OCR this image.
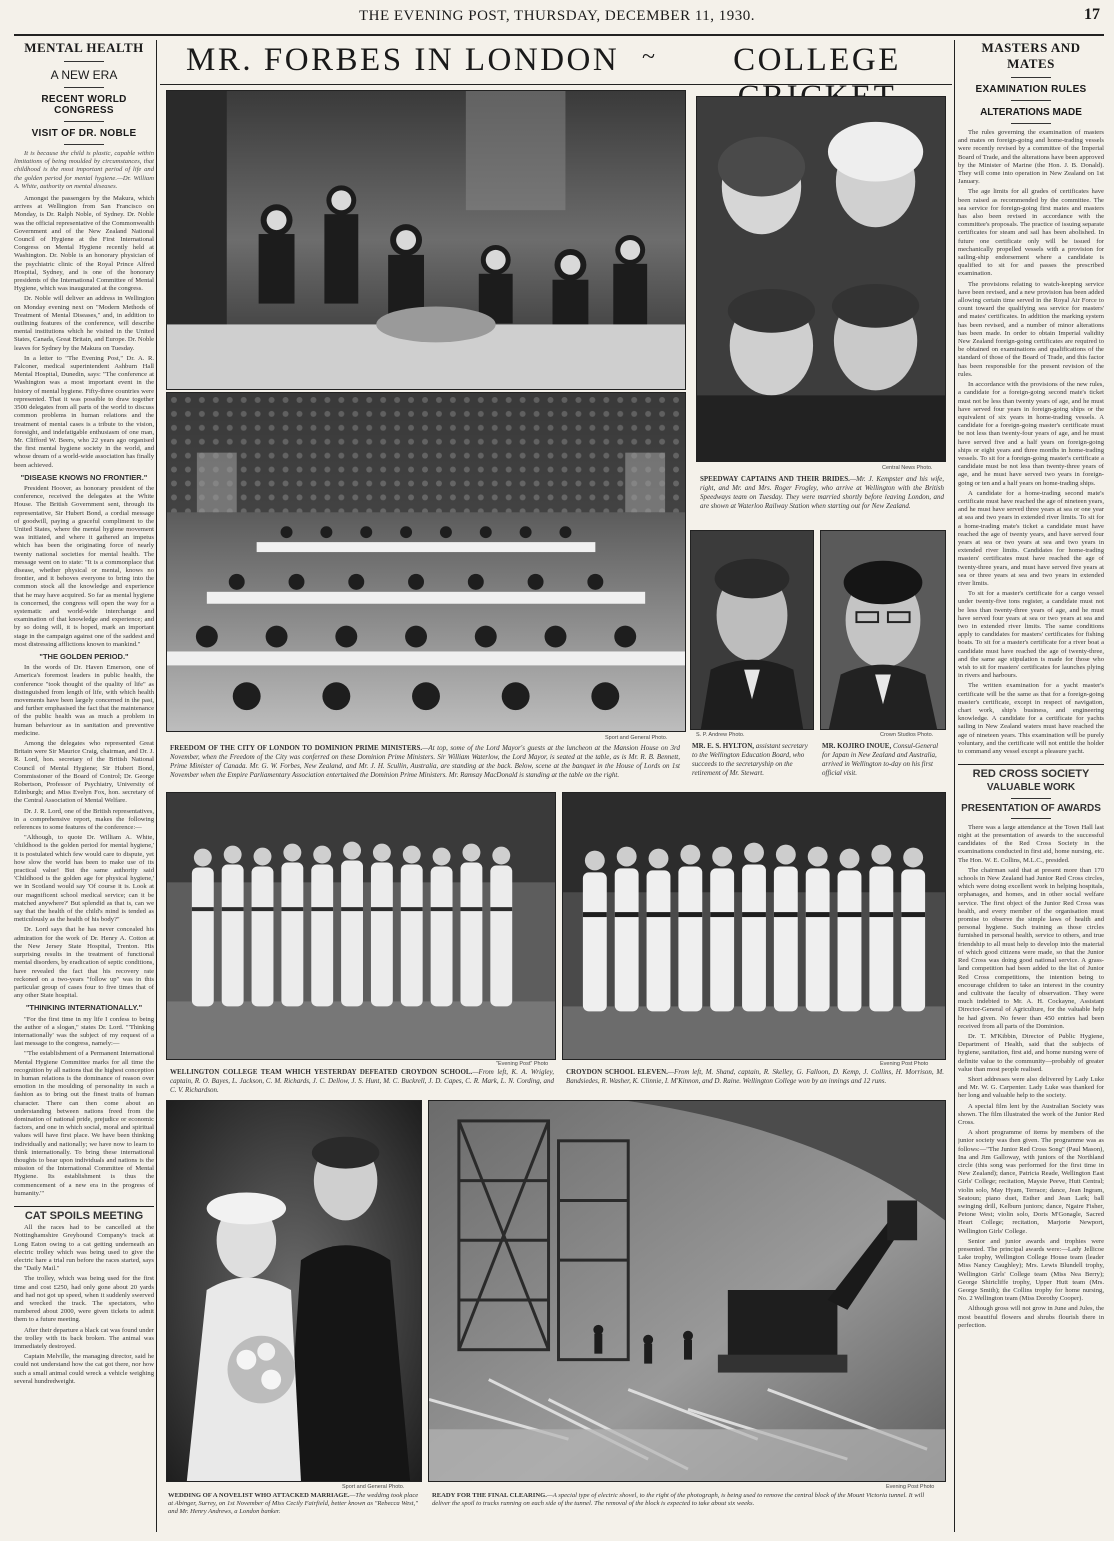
THE EVENING POST, THURSDAY, DECEMBER 11, 1930.	17
MENTAL HEALTH
A NEW ERA
RECENT WORLD CONGRESS
VISIT OF DR. NOBLE
It is because the child is plastic, capable within limitations of being moulded by circumstances, that childhood is the most important period of life and the golden period for mental hygiene.—Dr. William A. White, authority on mental diseases.

Amongst the passengers by the Makura, which arrives at Wellington from San Francisco on Monday, is Dr. Ralph Noble, of Sydney. Dr. Noble was the official representative of the Commonwealth Government and of the New Zealand National Council of Hygiene at the First International Congress on Mental Hygiene recently held at Washington. Dr. Noble is an honorary physician of the psychiatric clinic of the Royal Prince Alfred Hospital, Sydney, and is one of the honorary presidents of the International Committee of Mental Hygiene, which was inaugurated at the congress.

Dr. Noble will deliver an address in Wellington on Monday evening next on "Modern Methods of Treatment of Mental Diseases," and, in addition to outlining features of the conference, will describe mental institutions which he visited in the United States, Canada, Great Britain, and Europe. Dr. Noble leaves for Sydney by the Makura on Tuesday.

In a letter to "The Evening Post," Dr. A. R. Falconer, medical superintendent Ashburn Hall Mental Hospital, Dunedin, says: "The conference at Washington was a most important event in the history of mental hygiene. Fifty-three countries were represented. That it was possible to draw together 3500 delegates from all parts of the world to discuss common problems in human relations and the treatment of mental cases is a tribute to the vision, foresight, and indefatigable enthusiasm of one man, Mr. Clifford W. Beers, who 22 years ago organised the first mental hygiene society in the world, and whose dream of a world-wide association has finally been achieved.

"DISEASE KNOWS NO FRONTIER."

President Hoover, as honorary president of the conference, received the delegates at the White House. The British Government sent, through its representative, Sir Hubert Bond, a cordial message of goodwill, paying a graceful compliment to the United States, where the mental hygiene movement was initiated, and where it gathered an impetus which has been the originating force of nearly twenty national societies for mental health. The message went on to state: "It is a commonplace that disease, whether physical or mental, knows no frontier, and it behoves everyone to bring into the common stock all the knowledge and experience that he may have acquired. So far as mental hygiene is concerned, the congress will open the way for a systematic and world-wide interchange and examination of that knowledge and experience; and by so doing will, it is hoped, mark an important stage in the campaign against one of the saddest and most distressing afflictions known to mankind."

"THE GOLDEN PERIOD."

In the words of Dr. Haven Emerson, one of America's foremost leaders in public health, the conference "took thought of the quality of life" as distinguished from length of life, with which health movements have been largely concerned in the past, and further emphasised the fact that the maintenance of the public health was as much a problem in human behaviour as in sanitation and preventive medicine.

Among the delegates who represented Great Britain were Sir Maurice Craig, chairman, and Dr. J. R. Lord, hon. secretary of the British National Council of Mental Hygiene; Sir Hubert Bond, Commissioner of the Board of Control; Dr. George Robertson, Professor of Psychiatry, University of Edinburgh; and Miss Evelyn Fox, hon. secretary of the Central Association of Mental Welfare.

Dr. J. R. Lord, one of the British representatives, in a comprehensive report, makes the following references to some features of the conference:—

"Although, to quote Dr. William A. White, 'childhood is the golden period for mental hygiene,' it is postulated which few would care to dispute, yet how slow the world has been to make use of its practical value! But the same authority said 'Childhood is the golden age for physical hygiene,' we in Scotland would say 'Of course it is. Look at our magnificent school medical service; can it be matched anywhere?' But splendid as that is, can we say that the health of the child's mind is tended as meticulously as the health of his body?"

Dr. Lord says that he has never concealed his admiration for the work of Dr. Henry A. Cotton at the New Jersey State Hospital, Trenton. His surprising results in the treatment of functional mental disorders, by eradication of septic conditions, have revealed the fact that his recovery rate reckoned on a two-years "follow up" was in this particular group of cases four to five times that of any other State hospital.

"THINKING INTERNATIONALLY."

"For the first time in my life I confess to being the author of a slogan," states Dr. Lord. "'Thinking internationally' was the subject of my request of a last message to the congress, namely:—

"'The establishment of a Permanent International Mental Hygiene Committee marks for all time the recognition by all nations that the highest conception in human relations is the dominance of reason over emotion in the moulding of personality in such a fashion as to bring out the finest traits of human character. There can then come about an understanding between nations freed from the domination of national pride, prejudice or economic factors, and one in which social, moral and spiritual values will have first place. We have been thinking individually and nationally; we have now to learn to think internationally. To bring these international thoughts to bear upon individuals and nations is the mission of the International Committee of Mental Hygiene. Its establishment is thus the commencement of a new era in the progress of humanity.'"

CAT SPOILS MEETING

All the races had to be cancelled at the Nottinghamshire Greyhound Company's track at Long Eaton owing to a cat getting underneath an electric trolley which was being used to give the electric hare a trial run before the races started, says the "Daily Mail."

The trolley, which was being used for the first time and cost £250, had only gone about 20 yards and had not got up speed, when it suddenly swerved and wrecked the track. The spectators, who numbered about 2000, were given tickets to admit them to a future meeting.

After their departure a black cat was found under the trolley with its back broken. The animal was immediately destroyed.

Captain Melville, the managing director, said he could not understand how the cat got there, nor how such a small animal could wreck a vehicle weighing several hundredweight.

MASTERS AND MATES
EXAMINATION RULES
ALTERATIONS MADE

The rules governing the examination of masters and mates on foreign-going and home-trading vessels were recently revised by a committee of the Imperial Board of Trade, and the alterations have been approved by the Minister of Marine (the Hon. J. B. Donald). They will come into operation in New Zealand on 1st January.

The age limits for all grades of certificates have been raised as recommended by the committee. The sea service for foreign-going first mates and masters has also been revised in accordance with the committee's proposals. The practice of issuing separate certificates for steam and sail has been abolished. In future one certificate only will be issued for mechanically propelled vessels with a provision for sailing-ship endorsement where a candidate is qualified to sit for and passes the prescribed examination.

The provisions relating to watch-keeping service have been revised, and a new provision has been added allowing certain time served in the Royal Air Force to count toward the qualifying sea service for masters' and mates' certificates. In addition the marking system has been revised, and a number of minor alterations has been made. In order to obtain Imperial validity New Zealand foreign-going certificates are required to be obtained on examinations and qualifications of the standard of those of the Board of Trade, and this factor has been responsible for the present revision of the rules.

In accordance with the provisions of the new rules, a candidate for a foreign-going second mate's ticket must not be less than twenty years of age, and he must have served four years in foreign-going ships or the equivalent of six years in home-trading vessels. A candidate for a foreign-going master's certificate must be not less than twenty-four years of age, and he must have served five and a half years on foreign-going ships or eight years and three months in home-trading vessels. To sit for a foreign-going master's certificate a candidate must be not less than twenty-three years of age, and he must have served two years in foreign-going or ten and a half years on home-trading ships.

A candidate for a home-trading second mate's certificate must have reached the age of nineteen years, and he must have served three years at sea or one year at sea and two years in extended river limits. To sit for a home-trading mate's ticket a candidate must have reached the age of twenty years, and have served four years at sea or two years at sea and two years in extended river limits. Candidates for home-trading masters' certificates must have reached the age of twenty-three years, and must have served five years at sea or three years at sea and two years in extended river limits.

To sit for a master's certificate for a cargo vessel under twenty-five tons register, a candidate must not be less than twenty-three years of age, and he must have served four years at sea or two years at sea and two in extended river limits. The same conditions apply to candidates for masters' certificates for fishing boats. To sit for a master's certificate for a river boat a candidate must have reached the age of twenty-three, and the same age stipulation is made for those who wish to sit for masters' certificates for launches plying in rivers and harbours.

The written examination for a yacht master's certificate will be the same as that for a foreign-going master's certificate, except in respect of navigation, chart work, ship's business, and engineering knowledge. A candidate for a certificate for yachts sailing in New Zealand waters must have reached the age of nineteen years. This examination will be purely voluntary, and the certificate will not entitle the holder to command any vessel except a pleasure yacht.

RED CROSS SOCIETY
VALUABLE WORK
PRESENTATION OF AWARDS

There was a large attendance at the Town Hall last night at the presentation of awards to the successful candidates of the Red Cross Society in the examinations conducted in first aid, home nursing, etc. The Hon. W. E. Collins, M.L.C., presided.

The chairman said that at present more than 170 schools in New Zealand had Junior Red Cross circles, which were doing excellent work in helping hospitals, orphanages, and homes, and in other social welfare service. The first object of the Junior Red Cross was health, and every member of the organisation must promise to observe the simple laws of health and personal hygiene. Such training as those circles furnished in personal health, service to others, and true friendship to all must help to develop into the material of which good citizens were made, so that the Junior Red Cross was doing good national service. A grass-land competition had been added to the list of Junior Red Cross competitions, the intention being to encourage children to take an interest in the country and cultivate the faculty of observation. They were much indebted to Mr. A. H. Cockayne, Assistant Director-General of Agriculture, for the valuable help he had given. No fewer than 450 entries had been received from all parts of the Dominion.

Dr. T. M'Kibbin, Director of Public Hygiene, Department of Health, said that the subjects of hygiene, sanitation, first aid, and home nursing were of definite value to the community—probably of greater value than most people realised.

Short addresses were also delivered by Lady Luke and Mr. W. G. Carpenter. Lady Luke was thanked for her long and valuable help to the society.

A special film lent by the Australian Society was shown. The film illustrated the work of the Junior Red Cross.

A short programme of items by members of the junior society was then given. The programme was as follows:—"The Junior Red Cross Song" (Paul Mason), Ina and Jim Galloway, with juniors of the Northland circle (this song was performed for the first time in New Zealand); dance, Patricia Reade, Wellington East Girls' College; recitation, Maysie Peeve, Hutt Central; violin solo, May Hyam, Terrace; dance, Jean Ingram, Seatoun; piano duet, Esther and Jean Lark; ball swinging drill, Kelburn juniors; dance, Ngaire Fisher, Petone West; violin solo, Doris M'Gonagle, Sacred Heart College; recitation, Marjorie Newport, Wellington Girls' College.

Senior and junior awards and trophies were presented. The principal awards were:—Lady Jellicoe Lake trophy, Wellington College House team (leader Miss Nancy Caughley); Mrs. Lewis Blundell trophy, Wellington Girls' College team (Miss Nea Berry); George Shirtcliffe trophy, Upper Hutt team (Mrs. George Smith); the Collins trophy for home nursing, No. 2 Wellington team (Miss Dorothy Cooper).

Although gross will not grow in June and Jules, the most beautiful flowers and shrubs flourish there in perfection.

MR. FORBES IN LONDON ~	COLLEGE
Sport and General Photo.
FREEDOM OF THE CITY OF LONDON TO DOMINION PRIME MINISTERS.—At top, some of the Lord Mayor's guests at the luncheon at the Mansion House on 3rd November, when the Freedom of the City was conferred on these Dominion Prime Ministers. Sir William Waterlow, the Lord Mayor, is seated at the table, as is Mr. R. B. Bennett, Prime Minister of Canada. Mr. G. W. Forbes, New Zealand, and Mr. J. H. Scullin, Australia, are standing at the back. Below, scene at the banquet in the House of Lords on 1st November when the Empire Parliamentary Association entertained the Dominion Prime Ministers. Mr. Ramsay MacDonald is standing at the table on the right.
Central News Photo.
SPEEDWAY CAPTAINS AND THEIR BRIDES.—Mr. J. Kempster and his wife, right, and Mr. and Mrs. Roger Frogley, who arrive at Wellington with the British Speedways team on Tuesday. They were married shortly before leaving London, and are shown at Waterloo Railway Station when starting out for New Zealand.
S. P. Andrew Photo.	Crown Studios Photo.
MR. E. S. HYLTON, assistant secretary to the Wellington Education Board, who succeeds to the secretaryship on the retirement of Mr. Stewart.
MR. KOJIRO INOUE, Consul-General for Japan in New Zealand and Australia, arrived in Wellington to-day on his first official visit.
"Evening Post" Photo	Evening Post Photo
WELLINGTON COLLEGE TEAM WHICH YESTERDAY DEFEATED CROYDON SCHOOL.—From left, K. A. Wrigley, captain, R. O. Bayes, L. Jackson, C. M. Richards, J. C. Dellow, J. S. Hunt, M. C. Buckrell, J. D. Capes, C. R. Mark, L. N. Cording, and C. V. Richardson.
CROYDON SCHOOL ELEVEN.—From left, M. Shand, captain, R. Skelley, G. Falloon, D. Kemp, J. Collins, H. Morrison, M. Bandsiedes, R. Washer, K. Clinnie, I. M'Kinnon, and D. Raine. Wellington College won by an innings and 12 runs.
Sport and General Photo.
WEDDING OF A NOVELIST WHO ATTACKED MARRIAGE.—The wedding took place at Abinger, Surrey, on 1st November of Miss Cecily Fairfield, better known as "Rebecca West," and Mr. Henry Andrews, a London banker.
Evening Post Photo
READY FOR THE FINAL CLEARING.—A special type of electric shovel, to the right of the photograph, is being used to remove the central block of the Mount Victoria tunnel. It will deliver the spoil to trucks running on each side of the tunnel. The removal of the block is expected to take about six weeks.
